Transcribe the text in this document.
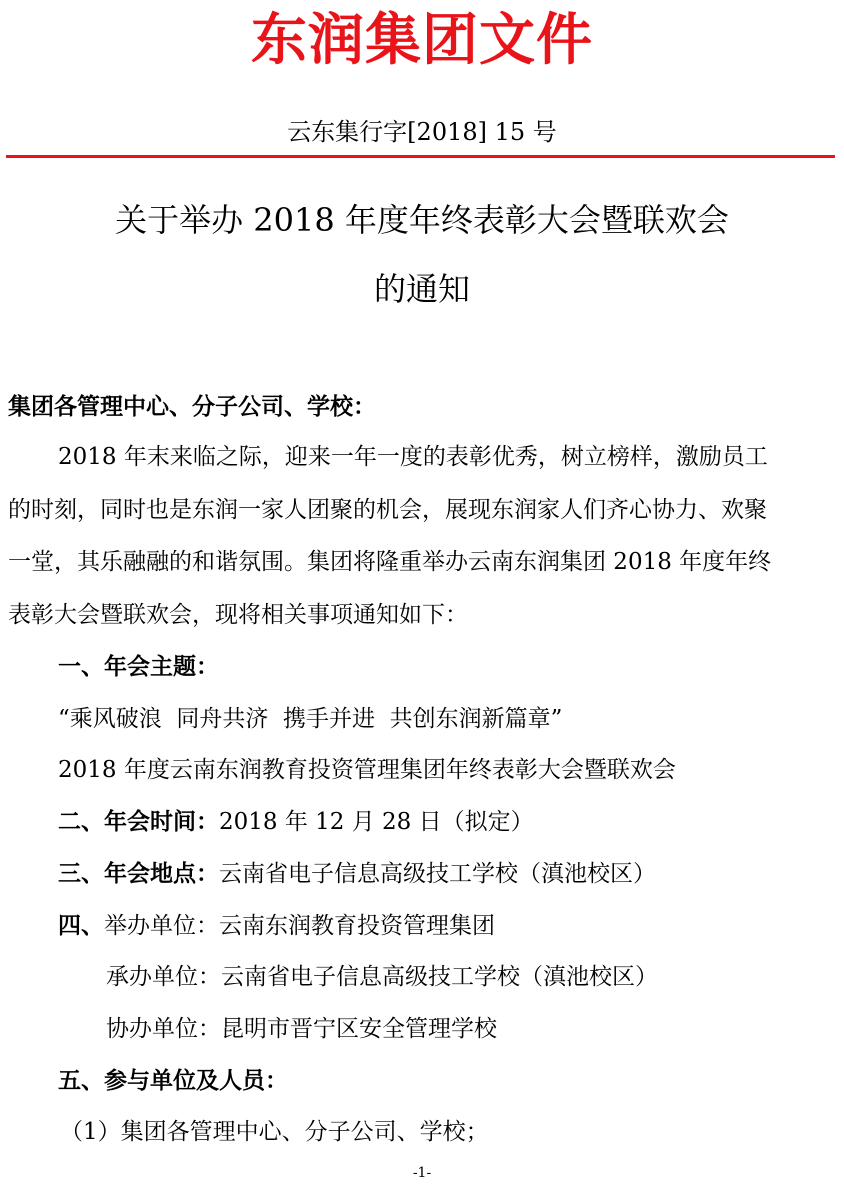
东润集团文件
云东集行字[2018] 15 号
关于举办 2018 年度年终表彰大会暨联欢会
的通知
集团各管理中心、分子公司、学校：
2018 年末来临之际，迎来一年一度的表彰优秀，树立榜样，激励员工
的时刻，同时也是东润一家人团聚的机会，展现东润家人们齐心协力、欢聚
一堂，其乐融融的和谐氛围。集团将隆重举办云南东润集团 2018 年度年终
表彰大会暨联欢会，现将相关事项通知如下：
一、年会主题：
“乘风破浪  同舟共济  携手并进  共创东润新篇章”
2018 年度云南东润教育投资管理集团年终表彰大会暨联欢会
二、年会时间：2018 年 12 月 28 日（拟定）
三、年会地点：云南省电子信息高级技工学校（滇池校区）
四、举办单位：云南东润教育投资管理集团
承办单位：云南省电子信息高级技工学校（滇池校区）
协办单位：昆明市晋宁区安全管理学校
五、参与单位及人员：
（1）集团各管理中心、分子公司、学校；
-1-
